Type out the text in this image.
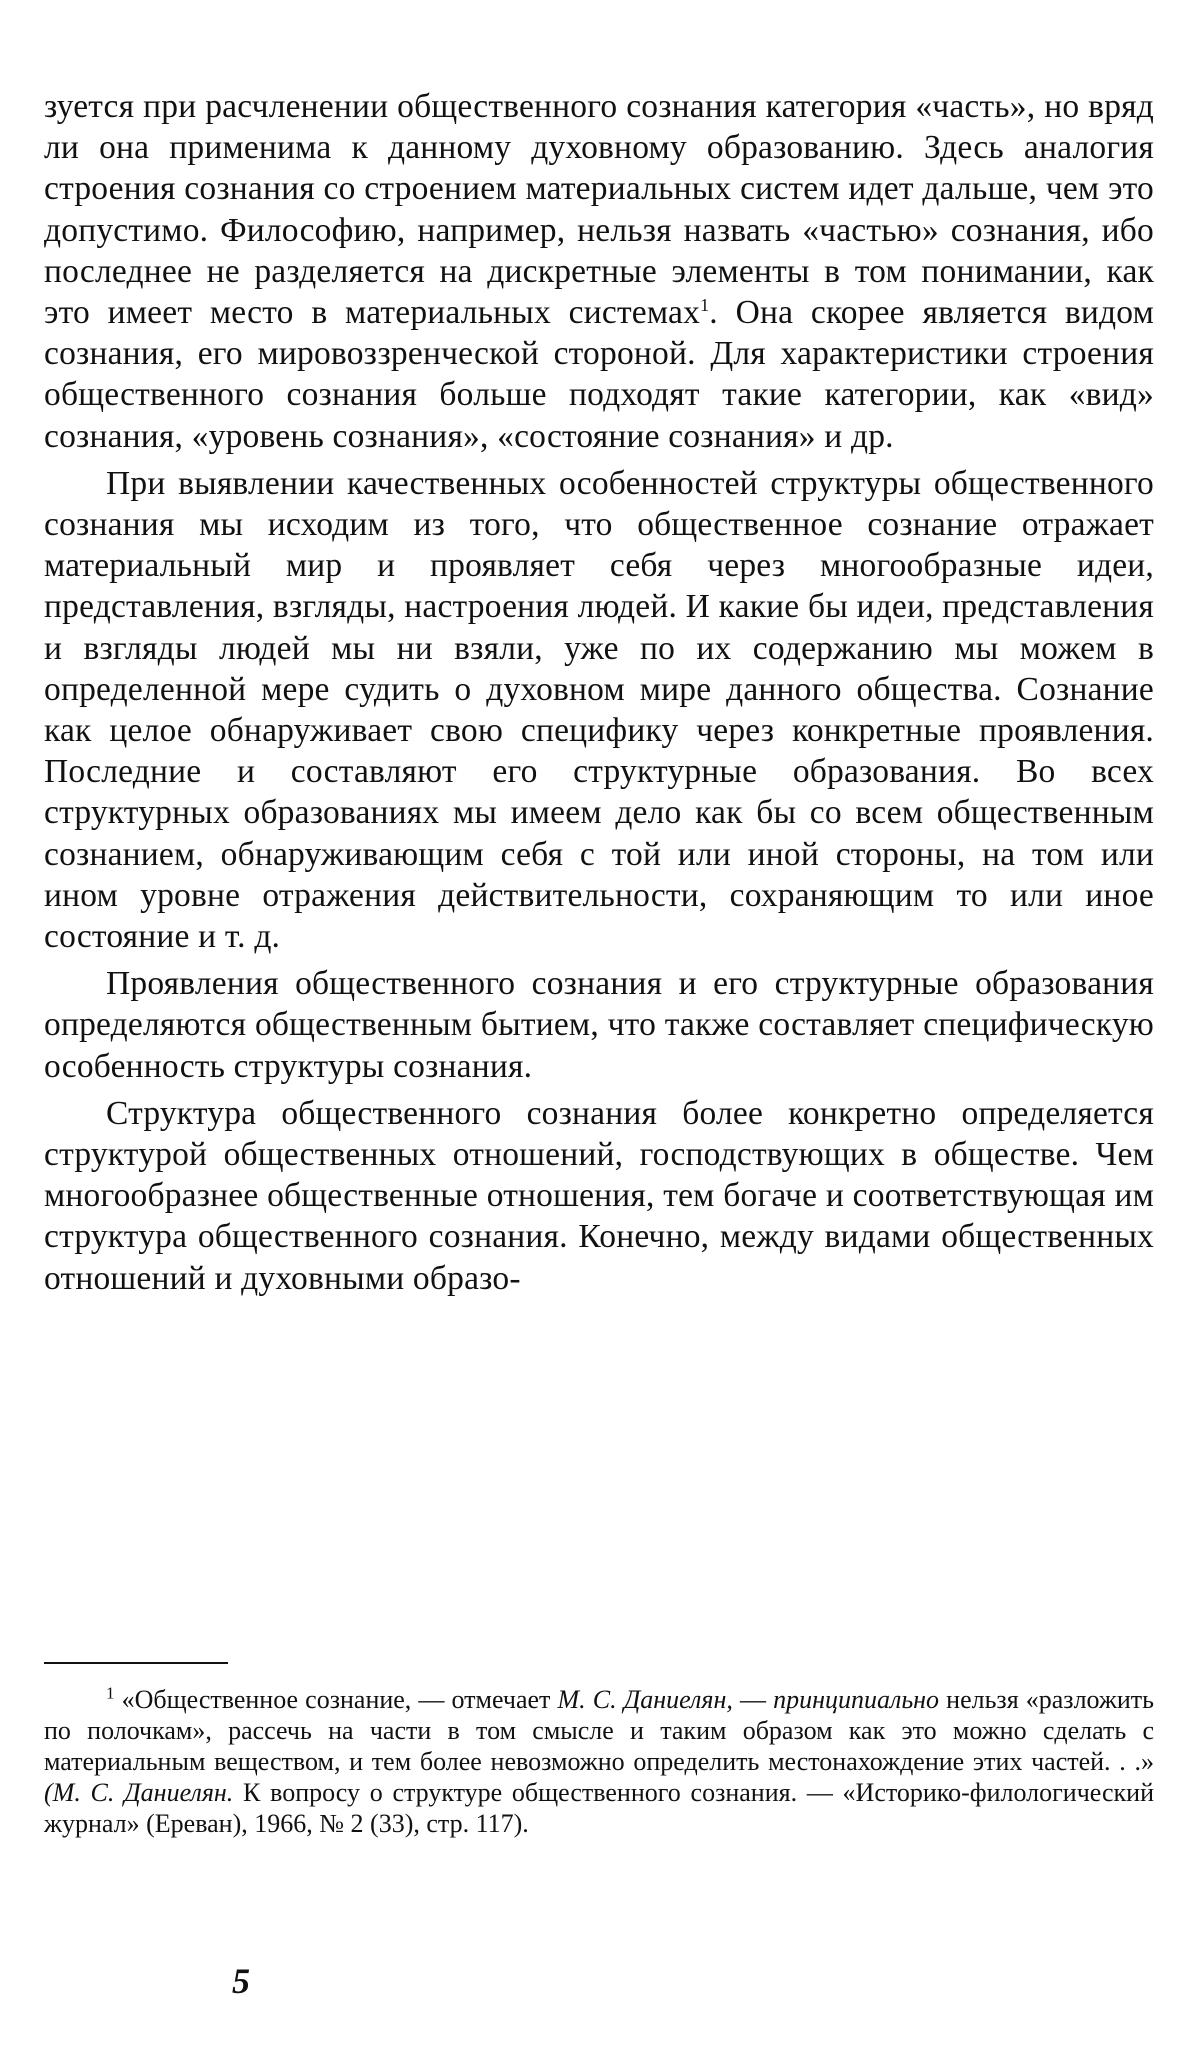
зуется при расчленении общественного сознания категория «часть», но вряд ли она применима к данному духовному образованию. Здесь аналогия строения сознания со строением материальных систем идет дальше, чем это допустимо. Философию, например, нельзя назвать «частью» сознания, ибо последнее не разделяется на дискретные элементы в том понимании, как это имеет место в материальных системах$^1$. Она скорее является видом сознания, его мировоззренческой стороной. Для характеристики строения общественного сознания больше подходят такие категории, как «вид» сознания, «уровень сознания», «состояние сознания» и др.

При выявлении качественных особенностей структуры общественного сознания мы исходим из того, что общественное сознание отражает материальный мир и проявляет себя через многообразные идеи, представления, взгляды, настроения людей. И какие бы идеи, представления и взгляды людей мы ни взяли, уже по их содержанию мы можем в определенной мере судить о духовном мире данного общества. Сознание как целое обнаруживает свою специфику через конкретные проявления. Последние и составляют его структурные образования. Во всех структурных образованиях мы имеем дело как бы со всем общественным сознанием, обнаруживающим себя с той или иной стороны, на том или ином уровне отражения действительности, сохраняющим то или иное состояние и т. д.

Проявления общественного сознания и его структурные образования определяются общественным бытием, что также составляет специфическую особенность структуры сознания.

Структура общественного сознания более конкретно определяется структурой общественных отношений, господствующих в обществе. Чем многообразнее общественные отношения, тем богаче и соответствующая им структура общественного сознания. Конечно, между видами общественных отношений и духовными образо-

$^1$ «Общественное сознание, — отмечает М. С. Даниелян, — принципиально нельзя «разложить по полочкам», рассечь на части в том смысле и таким образом как это можно сделать с материальным веществом, и тем более невозможно определить местонахождение этих частей. . .» (М. С. Даниелян. К вопросу о структуре общественного сознания. — «Историко-филологический журнал» (Ереван), 1966, № 2 (33), стр. 117).

5
